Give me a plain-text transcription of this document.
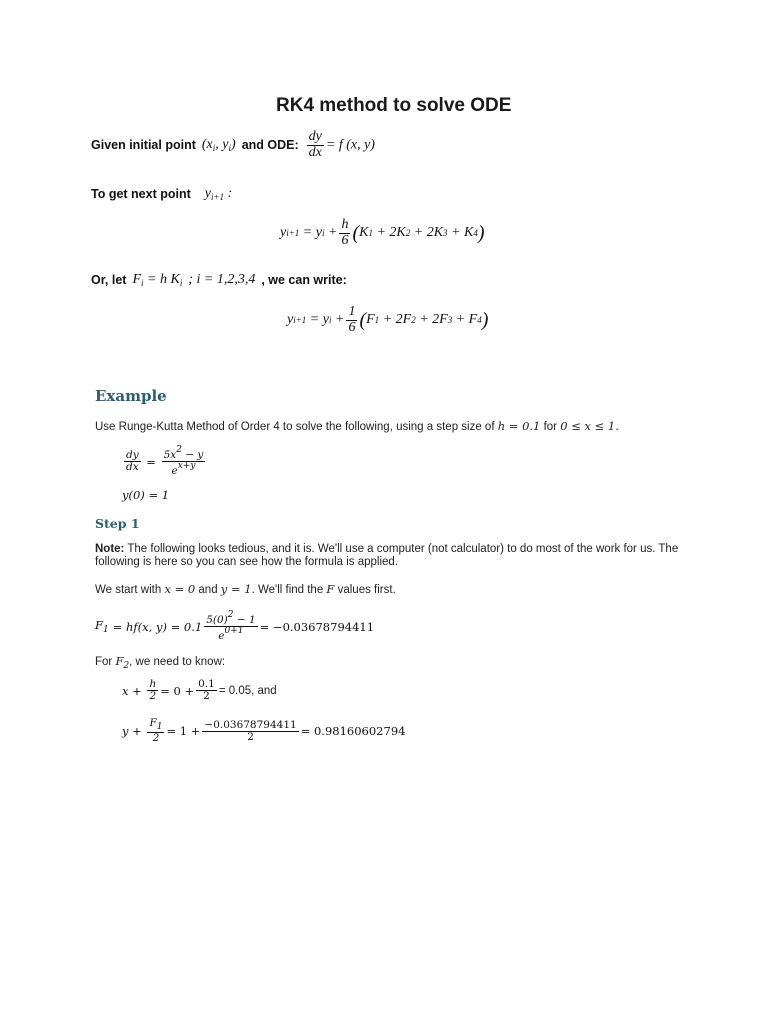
RK4 method to solve ODE
Given initial point ($x_i$, $y_i$) and ODE: $\frac{dy}{dx} = f$ (x, y)
To get next point $y_{i+1}$ :
y i+1
= y i
+ $\frac{h}{6}$ ( K 1
+ 2 K 2
+ 2 K 3
+ K 4 )
Or, let $F_i = h$ $K_i$ ; i = 1,2,3,4 , we can write:
y i+1
= y i
+ $\frac{1}{6}$ ( F 1
+ 2 F 2
+ 2 F 3
+ F 4 )
Example
Use Runge-Kutta Method of Order 4 to solve the following, using a step size of h = 0.1 for 0 ≤ x ≤ 1.
$\frac{dy}{dx} = \frac{5x^2 - y}{e^{x+y}}$
y(0) = 1
Step 1
Note: The following looks tedious, and it is. We'll use a computer (not calculator) to do most of the work for us. The
following is here so you can see how the formula is applied.
We start with x = 0 and y = 1. We'll find the F values first.
$F_1$
= hf(x, $y) = 0.1 \frac{5(0)^2 - 1}{e^{0+1}} = -0.03678794411$
For $F_2$, we need to know:
$x + \frac{h}{2} = 0 + \frac{0.1}{2} = 0.05$, and
$y + \frac{F_1}{2} = 1 + \frac{-0.03678794411}{2} = 0.98160602794$
